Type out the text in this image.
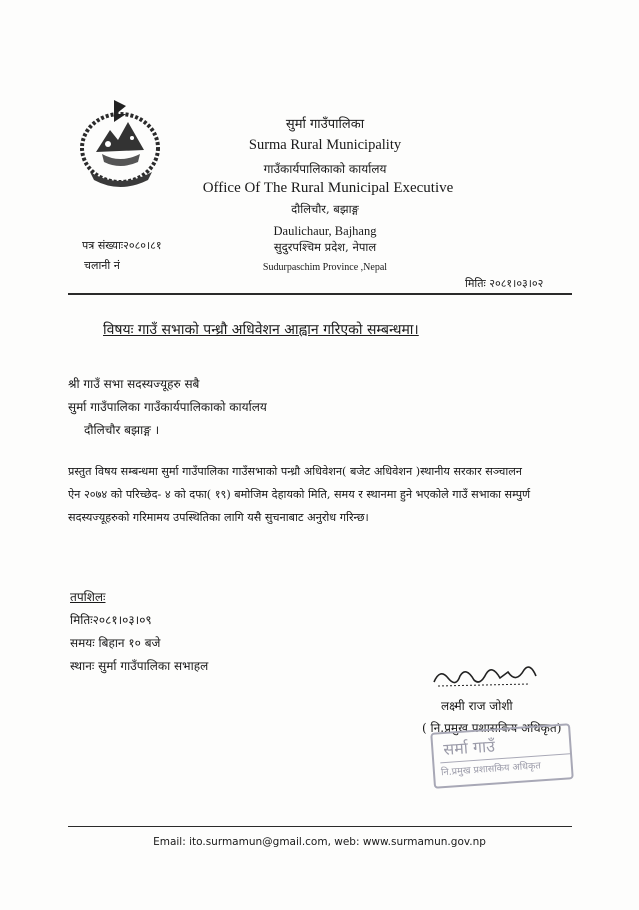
सुर्मा गाउँपालिका
Surma Rural Municipality
गाउँकार्यपालिकाको कार्यालय
Office Of The Rural Municipal Executive
दौलिचौर, बझाङ्ग
Daulichaur, Bajhang
सुदुरपश्चिम प्रदेश, नेपाल
Sudurpaschim Province ,Nepal
पत्र संख्याः२०८०।८१
चलानी नं
मितिः २०८१।०३।०२
विषयः गाउँ सभाको पन्ध्रौ अधिवेशन आह्वान गरिएको सम्बन्धमा।
श्री गाउँ सभा सदस्यज्यूहरु सबै
सुर्मा गाउँपालिका गाउँकार्यपालिकाको कार्यालय
दौलिचौर बझाङ्ग ।
प्रस्तुत विषय सम्बन्धमा सुर्मा गाउँपालिका गाउँसभाको पन्ध्रौ अधिवेशन( बजेट अधिवेशन )स्थानीय सरकार सञ्चालन
ऐन २०७४ को परिच्छेद- ४ को दफा( १९) बमोजिम देहायको मिति, समय र स्थानमा हुने भएकोले गाउँ सभाका सम्पुर्ण
सदस्यज्यूहरुको गरिमामय उपस्थितिका लागि यसै सुचनाबाट अनुरोध गरिन्छ।
तपशिलः
मितिः२०८१।०३।०९
समयः बिहान १० बजे
स्थानः सुर्मा गाउँपालिका सभाहल
लक्ष्मी राज जोशी
( नि.प्रमुख प्रशासकिय अधिकृत)
सर्मा गाउँ
नि.प्रमुख प्रशासकिय अधिकृत
Email: ito.surmamun@gmail.com, web: www.surmamun.gov.np
